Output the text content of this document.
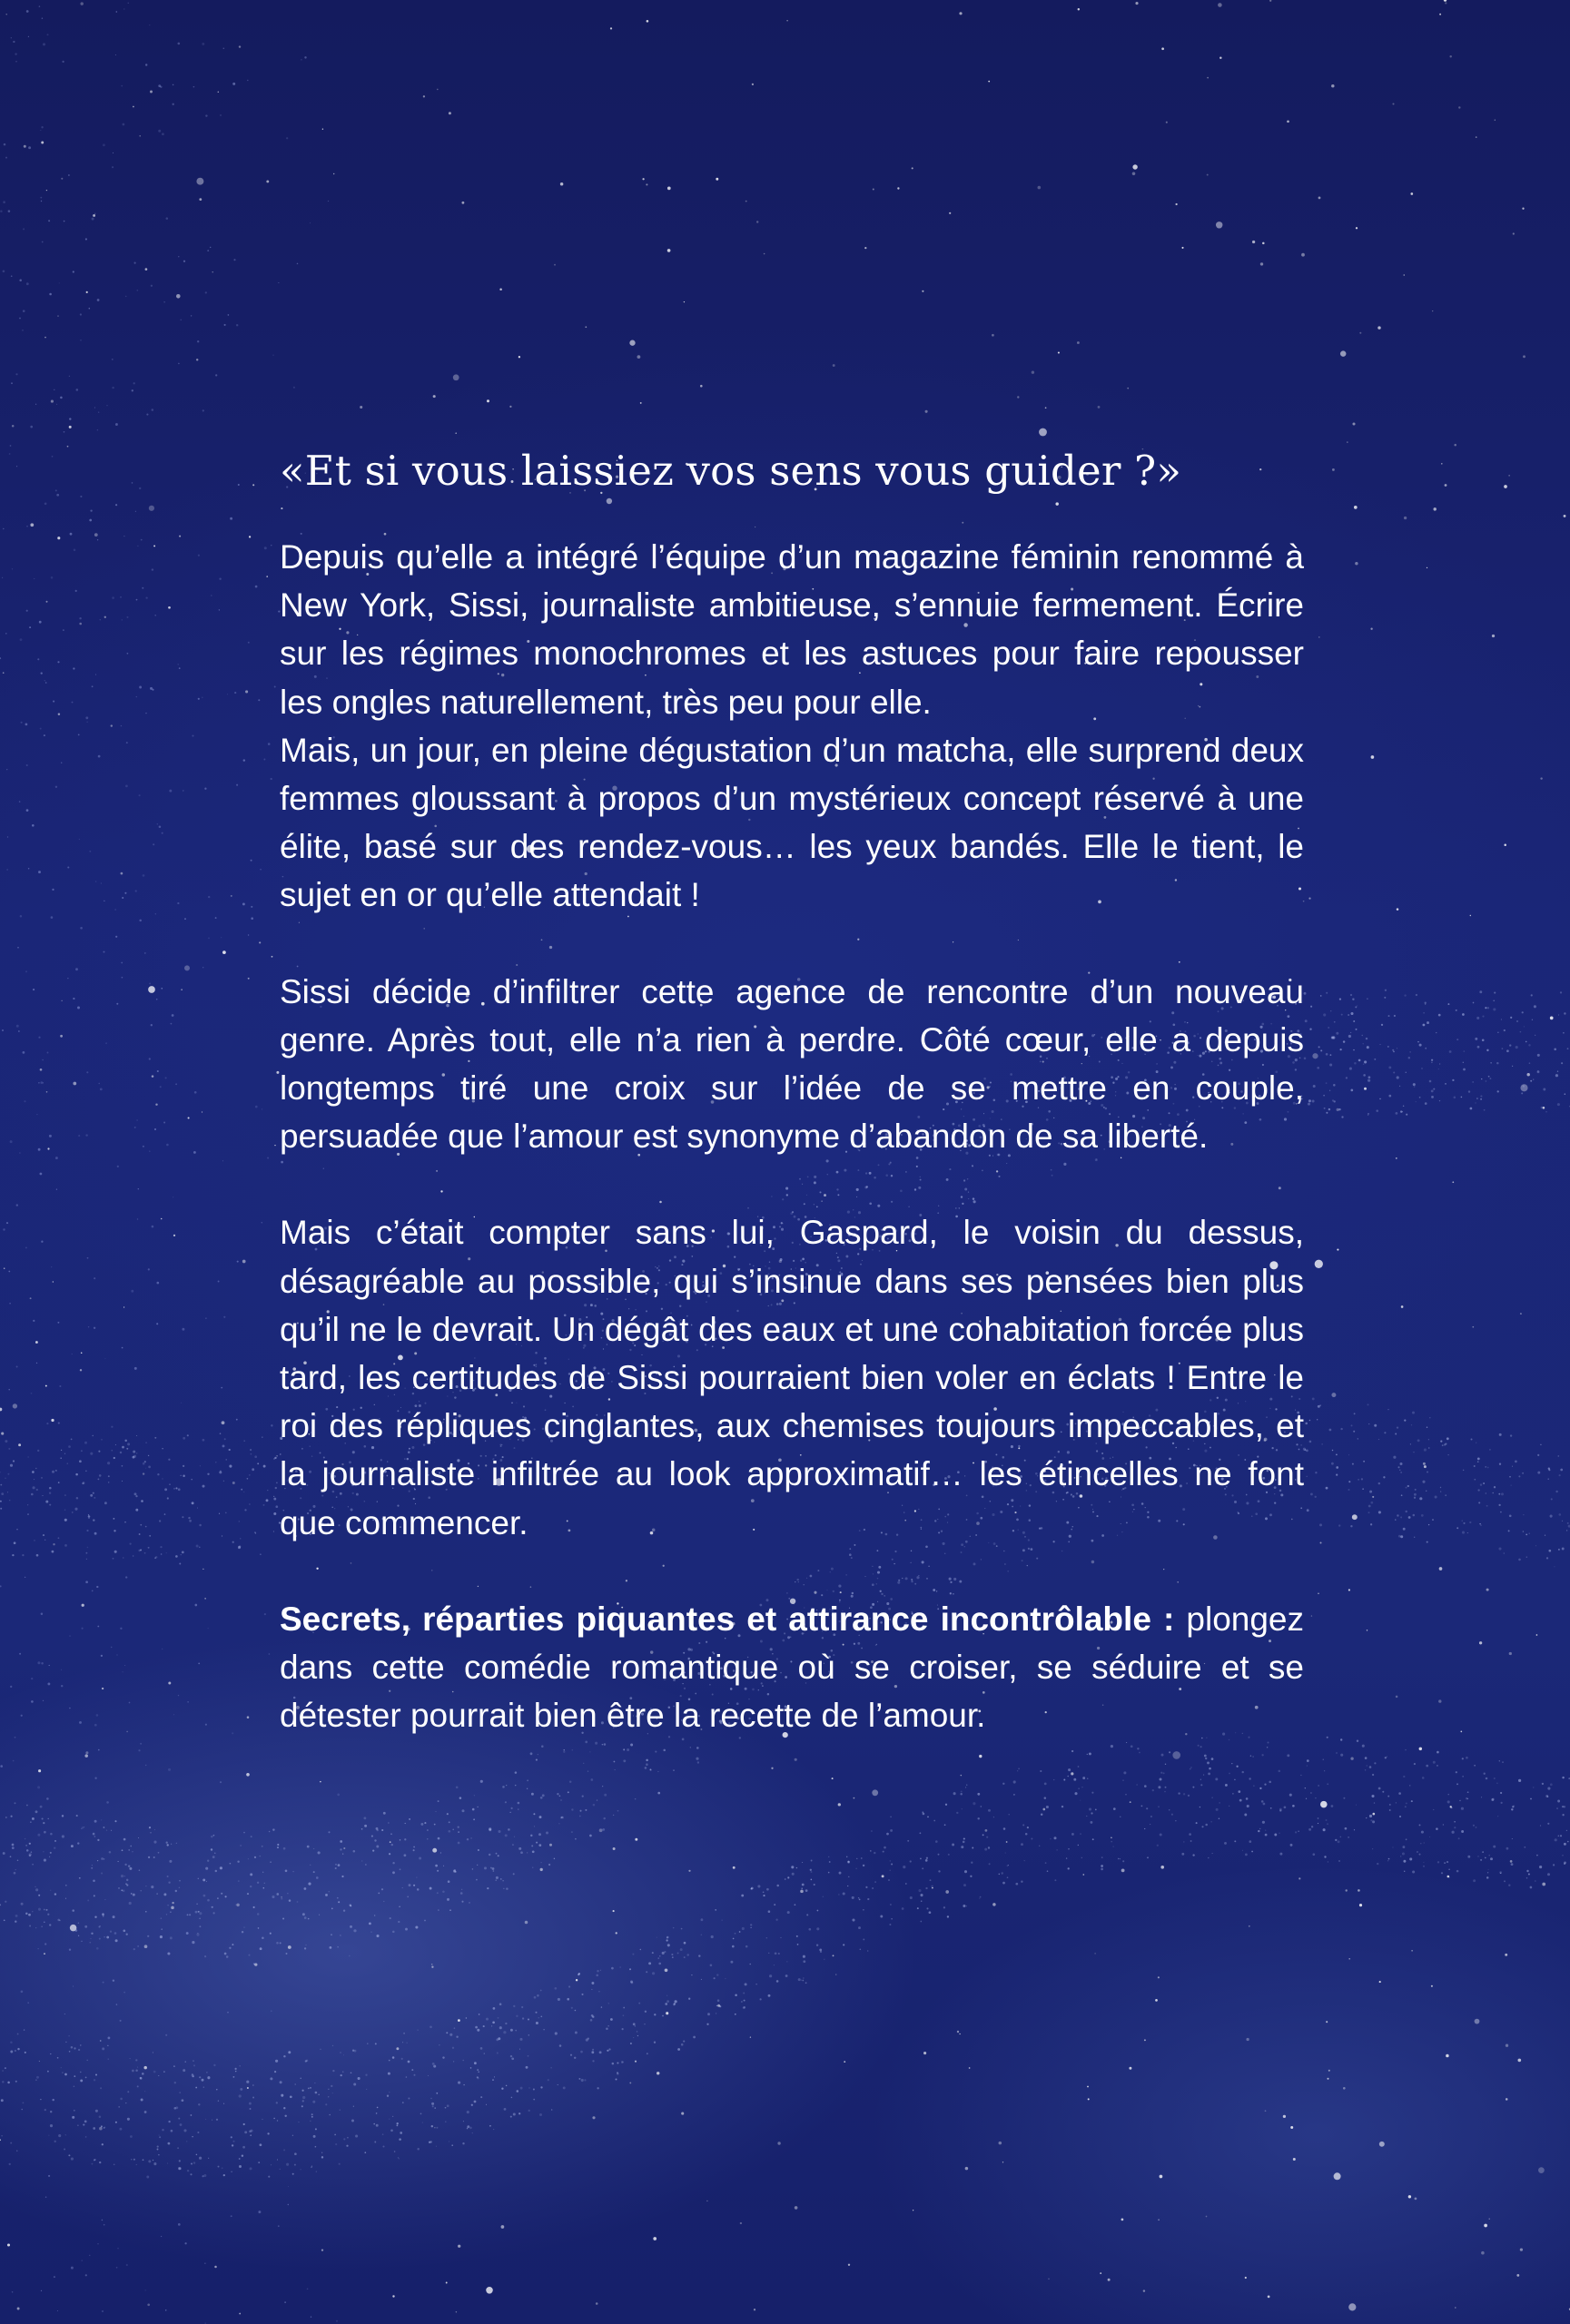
«Et si vous laissiez vos sens vous guider ?»

Depuis qu’elle a intégré l’équipe d’un magazine féminin renommé à New York, Sissi, journaliste ambitieuse, s’ennuie fermement. Écrire sur les régimes monochromes et les astuces pour faire repousser les ongles naturellement, très peu pour elle.

Mais, un jour, en pleine dégustation d’un matcha, elle surprend deux femmes gloussant à propos d’un mystérieux concept réservé à une élite, basé sur des rendez-vous… les yeux bandés. Elle le tient, le sujet en or qu’elle attendait !

Sissi décide d’infiltrer cette agence de rencontre d’un nouveau genre. Après tout, elle n’a rien à perdre. Côté cœur, elle a depuis longtemps tiré une croix sur l’idée de se mettre en couple, persuadée que l’amour est synonyme d’abandon de sa liberté.

Mais c’était compter sans lui, Gaspard, le voisin du dessus, désagréable au possible, qui s’insinue dans ses pensées bien plus qu’il ne le devrait. Un dégât des eaux et une cohabitation forcée plus tard, les certitudes de Sissi pourraient bien voler en éclats ! Entre le roi des répliques cinglantes, aux chemises toujours impeccables, et la journaliste infiltrée au look approximatif… les étincelles ne font que commencer.

Secrets, réparties piquantes et attirance incontrôlable : plongez dans cette comédie romantique où se croiser, se séduire et se détester pourrait bien être la recette de l’amour.
